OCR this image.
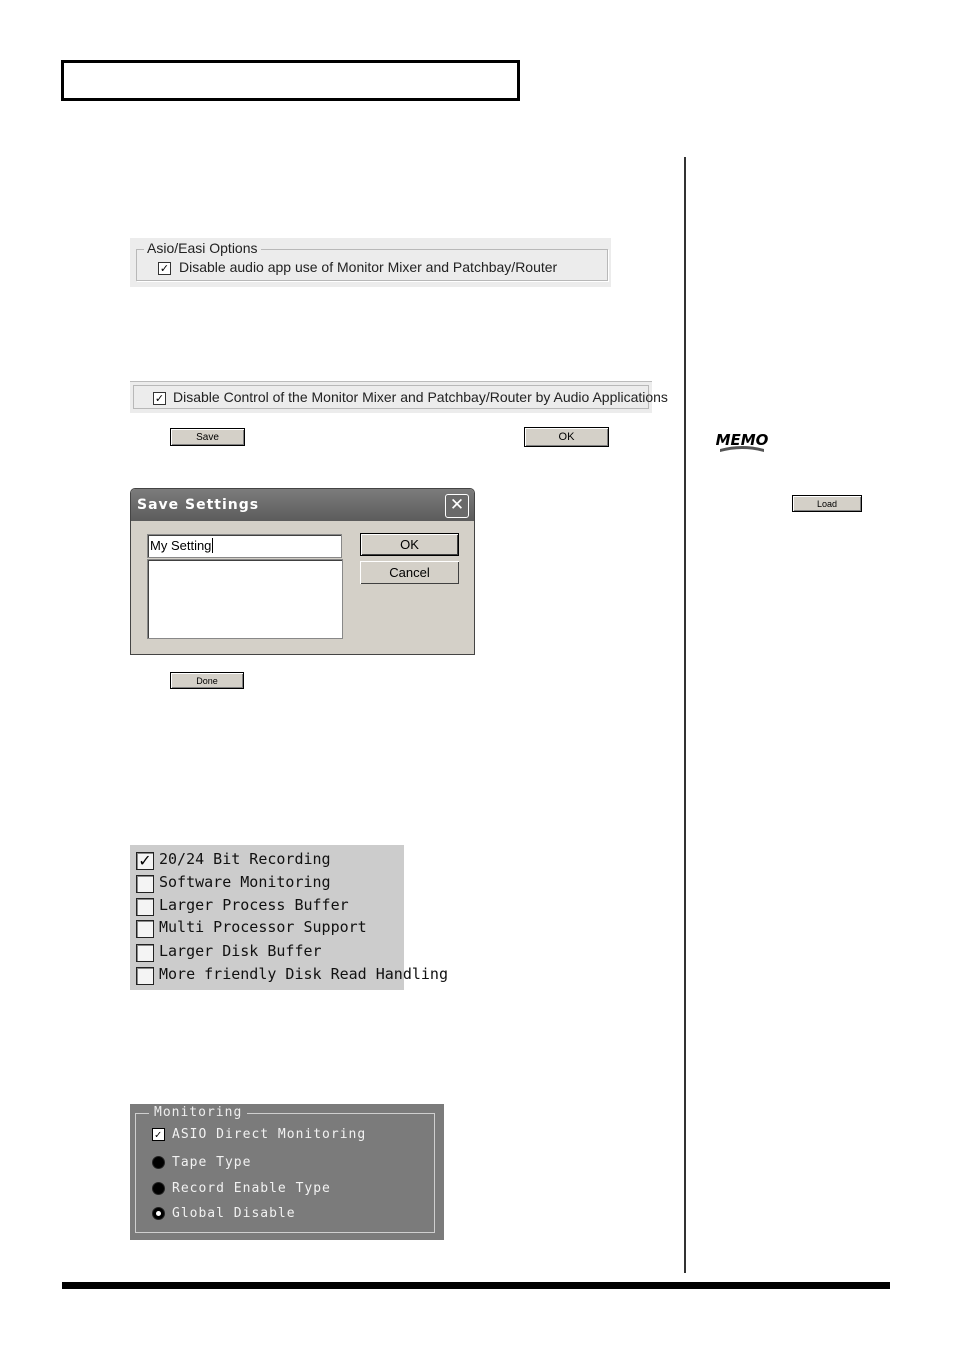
Asio/Easi Options
✓ Disable audio app use of Monitor Mixer and Patchbay/Router
✓ Disable Control of the Monitor Mixer and Patchbay/Router by Audio Applications
Save	OK	MEMO
Load
Save Settings	✕
My Setting	OK
Cancel
Done
✓ 20/24 Bit Recording
Software Monitoring
Larger Process Buffer
Multi Processor Support
Larger Disk Buffer
More friendly Disk Read Handling
Monitoring
✓ ASIO Direct Monitoring
Tape Type
Record Enable Type
Global Disable
